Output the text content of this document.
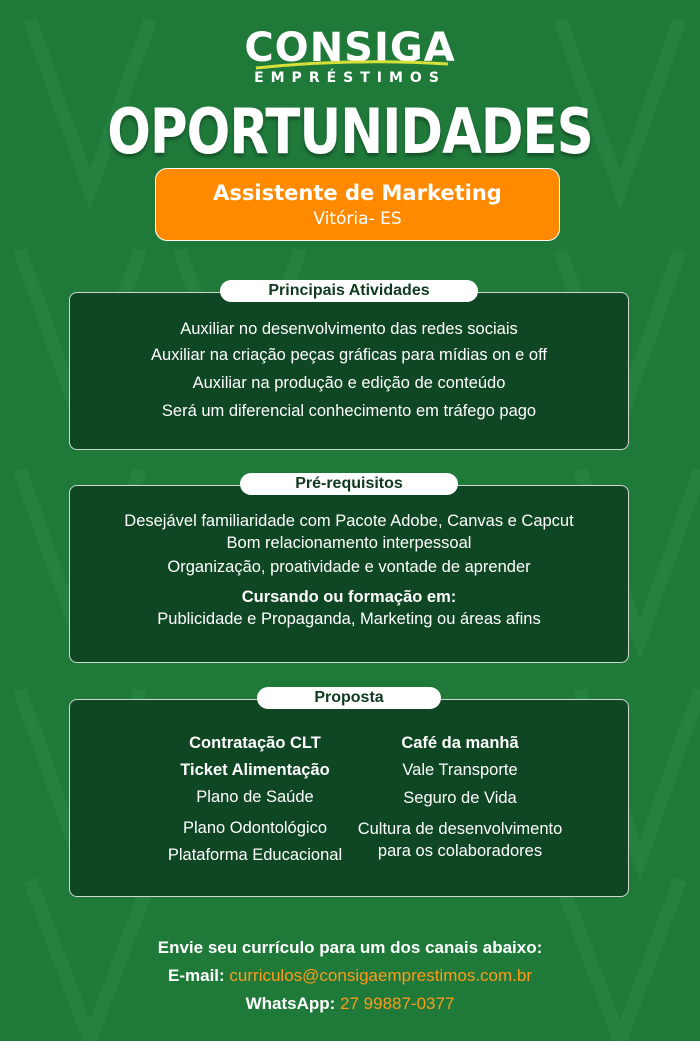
CONSIGA
EMPRÉSTIMOS
OPORTUNIDADES
Assistente de Marketing
Vitória- ES
Principais Atividades
Auxiliar no desenvolvimento das redes sociais
Auxiliar na criação peças gráficas para mídias on e off
Auxiliar na produção e edição de conteúdo
Será um diferencial conhecimento em tráfego pago
Pré-requisitos
Desejável familiaridade com Pacote Adobe, Canvas e Capcut
Bom relacionamento interpessoal
Organização, proatividade e vontade de aprender
Cursando ou formação em:
Publicidade e Propaganda, Marketing ou áreas afins
Proposta
Contratação CLT
Ticket Alimentação
Plano de Saúde
Plano Odontológico
Plataforma Educacional
Café da manhã
Vale Transporte
Seguro de Vida
Cultura de desenvolvimento
para os colaboradores
Envie seu currículo para um dos canais abaixo:
E-mail: curriculos@consigaemprestimos.com.br
WhatsApp: 27 99887-0377
